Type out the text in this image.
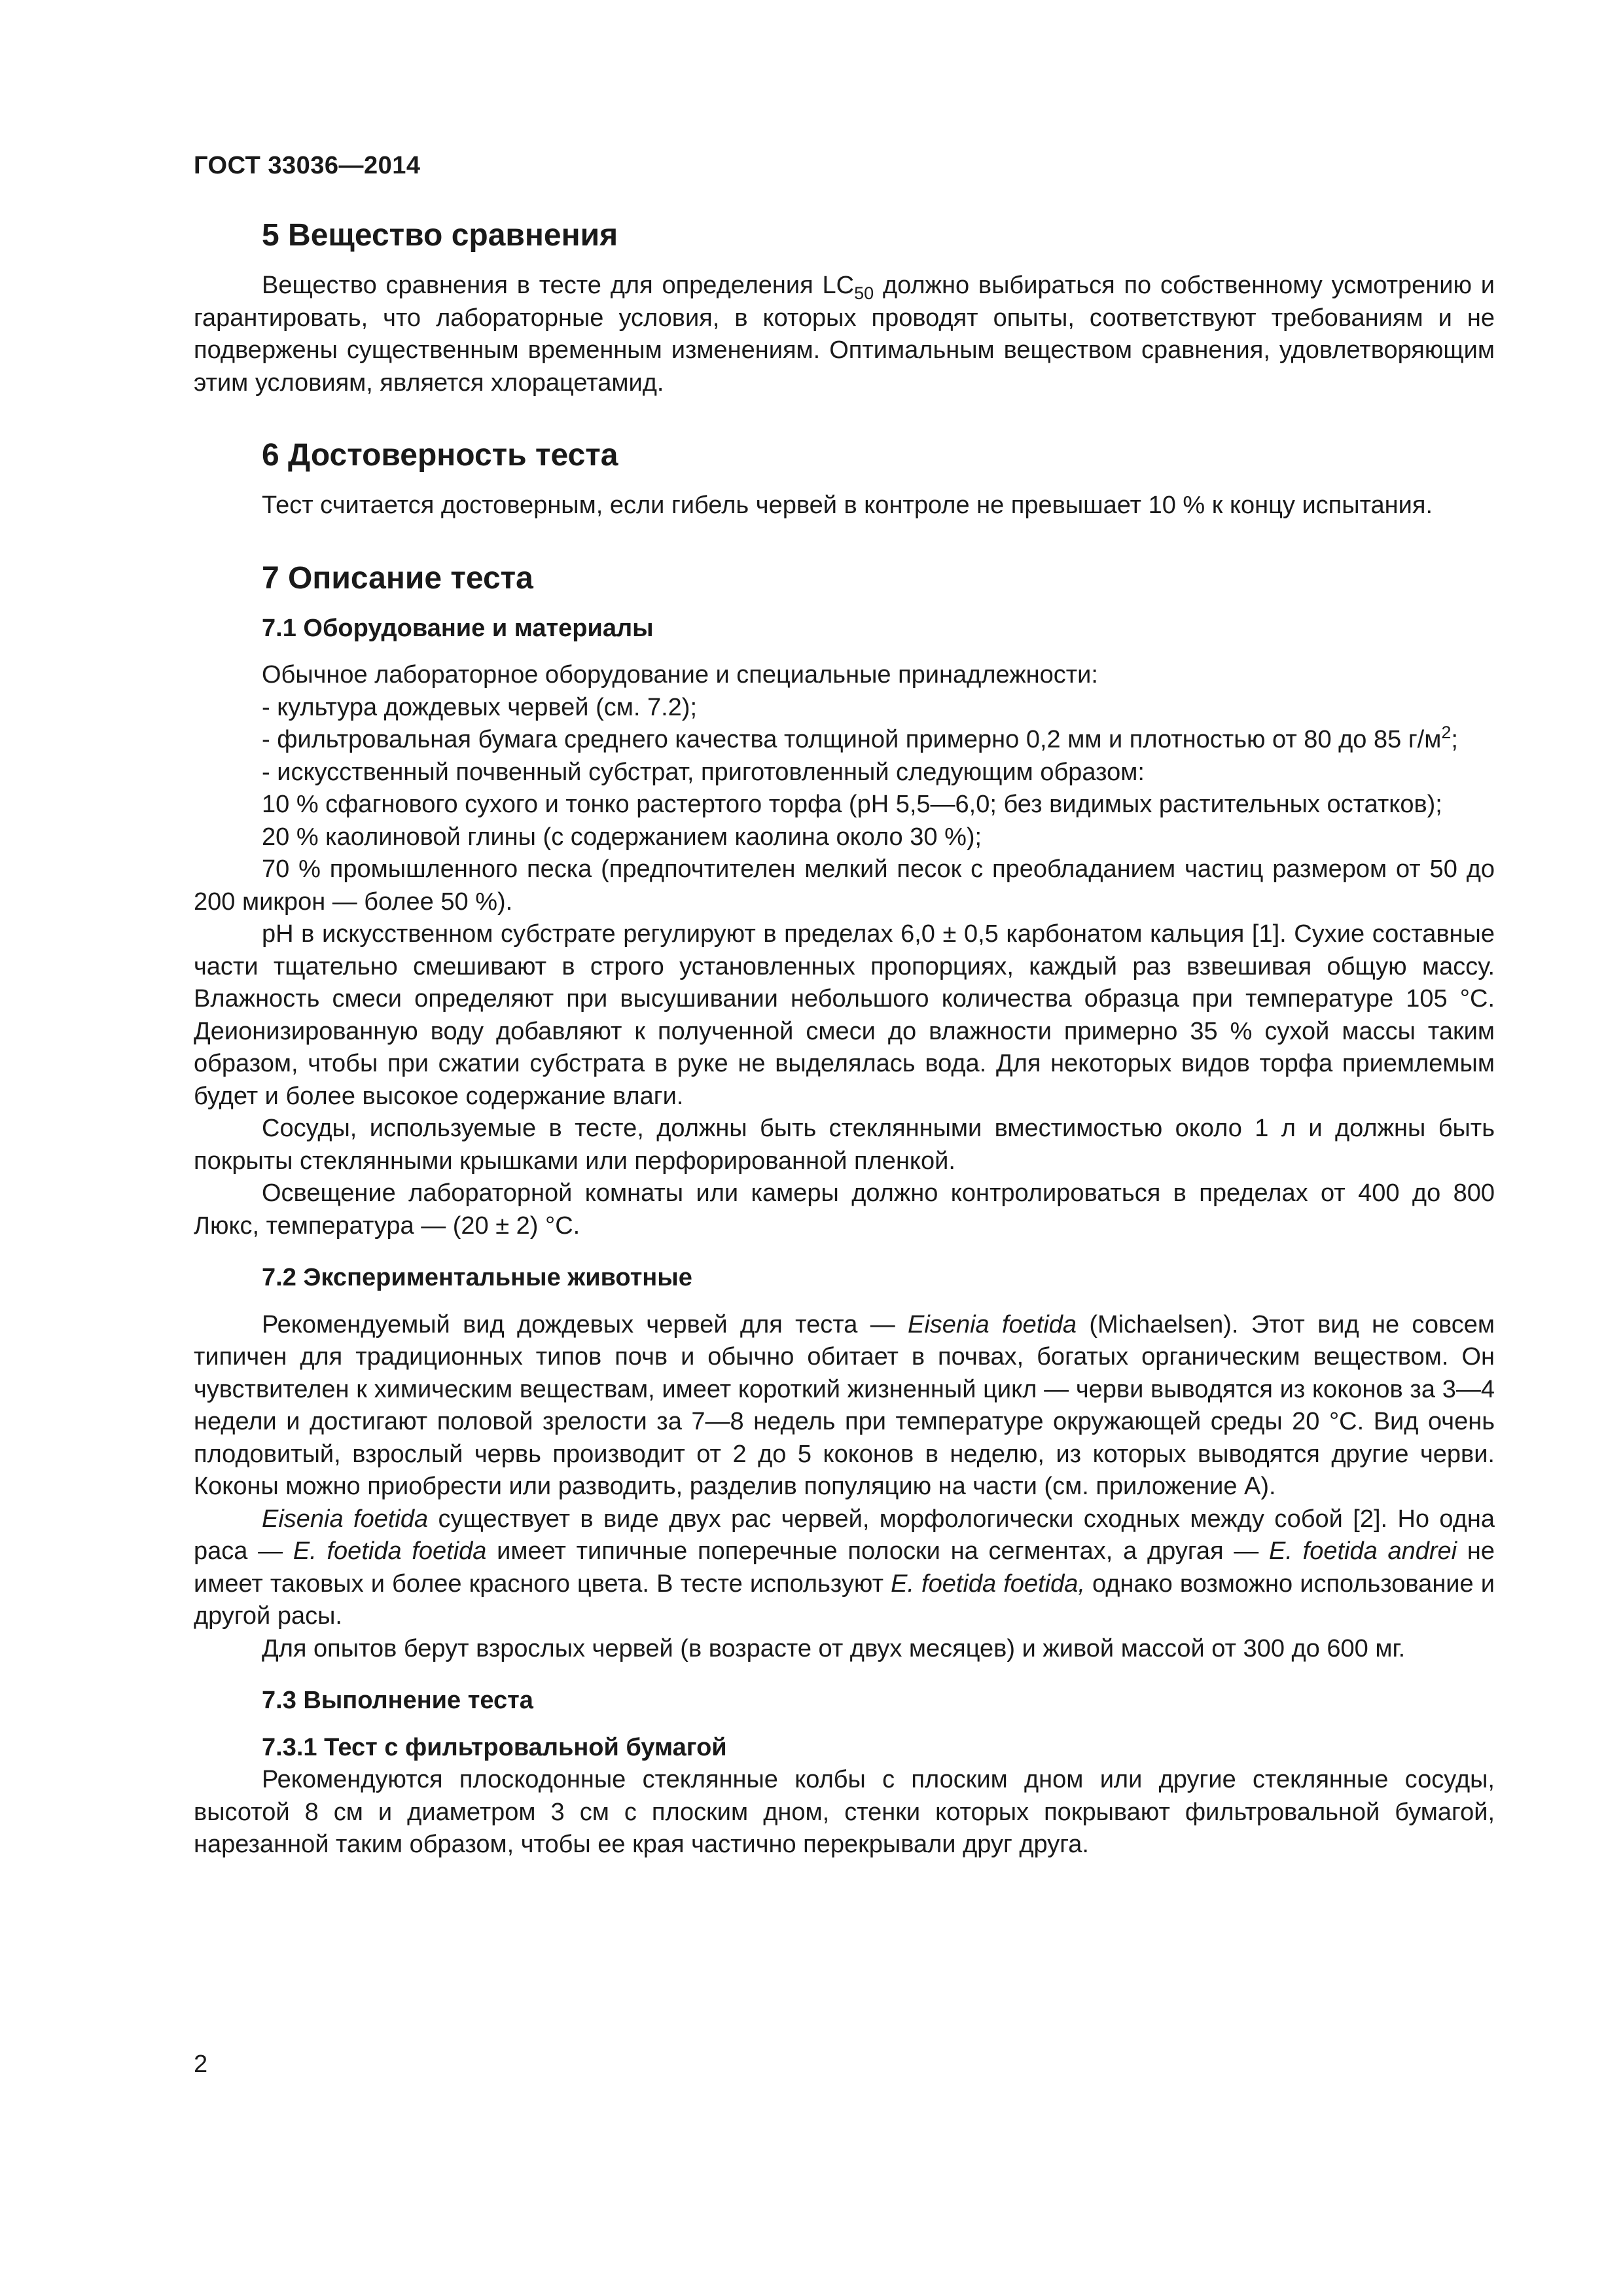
ГОСТ 33036—2014
5 Вещество сравнения

Вещество сравнения в тесте для определения $LC_{50}$ должно выбираться по собственному усмотрению и гарантировать, что лабораторные условия, в которых проводят опыты, соответствуют требованиям и не подвержены существенным временным изменениям. Оптимальным веществом сравнения, удовлетворяющим этим условиям, является хлорацетамид.

6 Достоверность теста

Тест считается достоверным, если гибель червей в контроле не превышает 10 % к концу испытания.

7 Описание теста
7.1 Оборудование и материалы

Обычное лабораторное оборудование и специальные принадлежности:

- культура дождевых червей (см. 7.2);

- фильтровальная бумага среднего качества толщиной примерно 0,2 мм и плотностью от 80 до 85 $г/м^2$;

- искусственный почвенный субстрат, приготовленный следующим образом:

10 % сфагнового сухого и тонко растертого торфа (pH 5,5—6,0; без видимых растительных остатков);

20 % каолиновой глины (с содержанием каолина около 30 %);

70 % промышленного песка (предпочтителен мелкий песок с преобладанием частиц размером от 50 до 200 микрон — более 50 %).

pH в искусственном субстрате регулируют в пределах 6,0 ± 0,5 карбонатом кальция [1]. Сухие составные части тщательно смешивают в строго установленных пропорциях, каждый раз взвешивая общую массу. Влажность смеси определяют при высушивании небольшого количества образца при температуре 105 °C. Деионизированную воду добавляют к полученной смеси до влажности примерно 35 % сухой массы таким образом, чтобы при сжатии субстрата в руке не выделялась вода. Для некоторых видов торфа приемлемым будет и более высокое содержание влаги.

Сосуды, используемые в тесте, должны быть стеклянными вместимостью около 1 л и должны быть покрыты стеклянными крышками или перфорированной пленкой.

Освещение лабораторной комнаты или камеры должно контролироваться в пределах от 400 до 800 Люкс, температура — (20 ± 2) °C.

7.2 Экспериментальные животные

Рекомендуемый вид дождевых червей для теста — Eisenia foetida (Michaelsen). Этот вид не совсем типичен для традиционных типов почв и обычно обитает в почвах, богатых органическим веществом. Он чувствителен к химическим веществам, имеет короткий жизненный цикл — черви выводятся из коконов за 3—4 недели и достигают половой зрелости за 7—8 недель при температуре окружающей среды 20 °C. Вид очень плодовитый, взрослый червь производит от 2 до 5 коконов в неделю, из которых выводятся другие черви. Коконы можно приобрести или разводить, разделив популяцию на части (см. приложение А).

Eisenia foetida существует в виде двух рас червей, морфологически сходных между собой [2]. Но одна раса — E. foetida foetida имеет типичные поперечные полоски на сегментах, а другая — E. foetida andrei не имеет таковых и более красного цвета. В тесте используют E. foetida foetida, однако возможно использование и другой расы.

Для опытов берут взрослых червей (в возрасте от двух месяцев) и живой массой от 300 до 600 мг.

7.3 Выполнение теста
7.3.1 Тест с фильтровальной бумагой

Рекомендуются плоскодонные стеклянные колбы с плоским дном или другие стеклянные сосуды, высотой 8 см и диаметром 3 см с плоским дном, стенки которых покрывают фильтровальной бумагой, нарезанной таким образом, чтобы ее края частично перекрывали друг друга.

2
